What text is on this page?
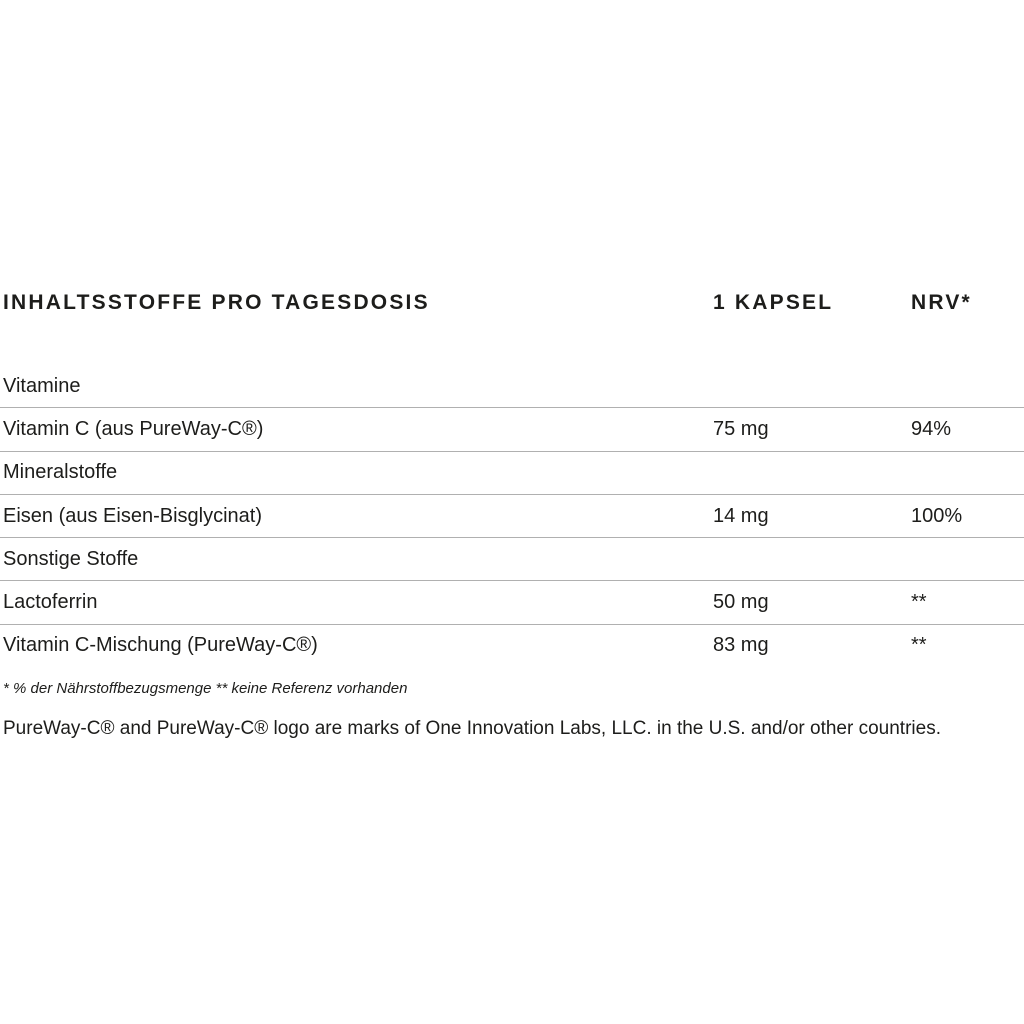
INHALTSSTOFFE PRO TAGESDOSIS	1 KAPSEL	NRV*
Vitamine
Vitamin C (aus PureWay-C®)	75 mg	94%
Mineralstoffe
Eisen (aus Eisen-Bisglycinat)	14 mg	100%
Sonstige Stoffe
Lactoferrin	50 mg	**
Vitamin C-Mischung (PureWay-C®)	83 mg	**
* % der Nährstoffbezugsmenge ** keine Referenz vorhanden
PureWay-C® and PureWay-C® logo are marks of One Innovation Labs, LLC. in the U.S. and/or other countries.
